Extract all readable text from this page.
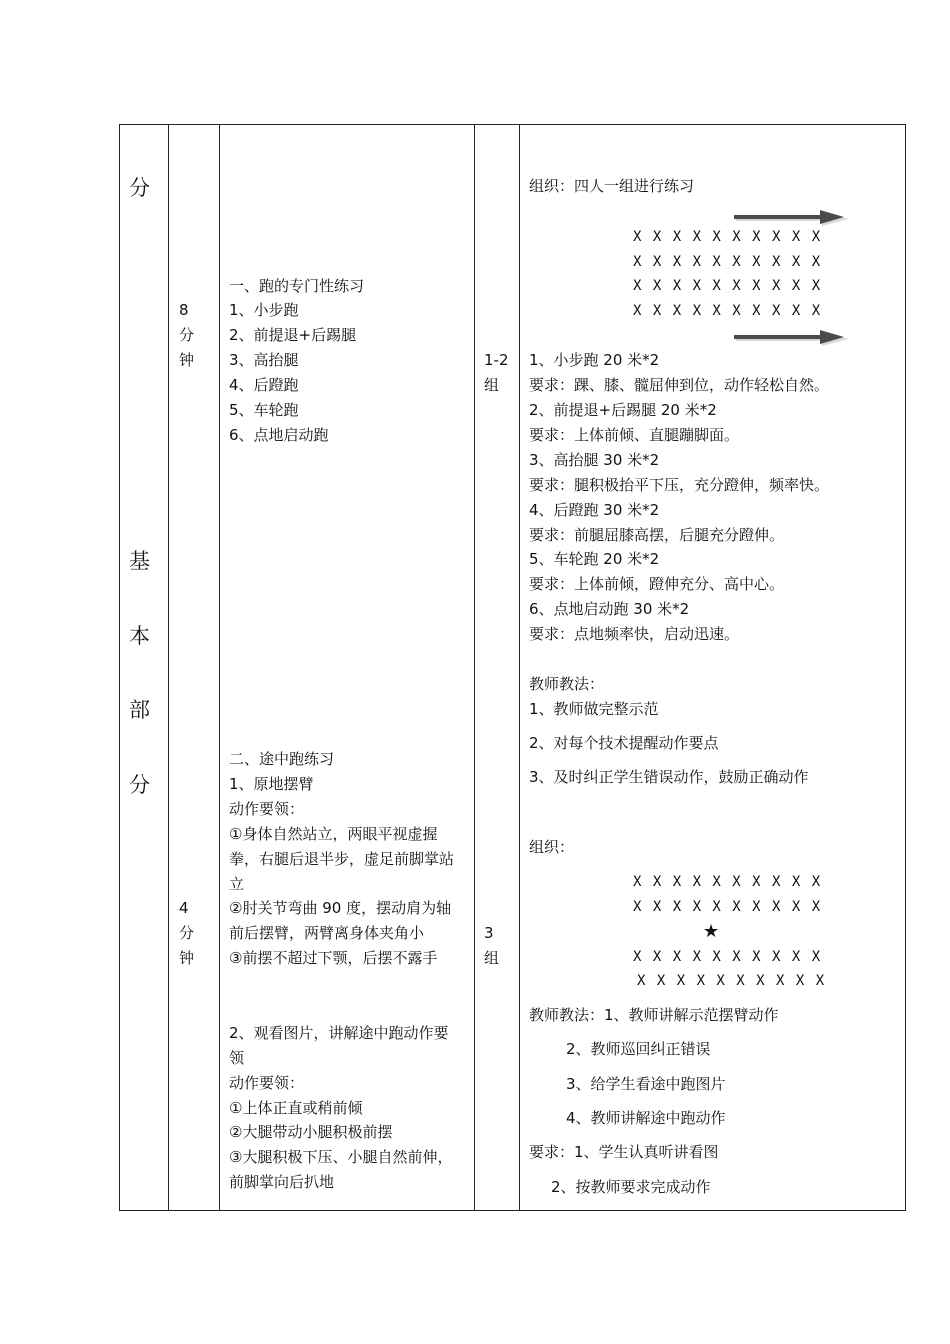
分
基
本
部
分
8
分
钟
4
分
钟
一、跑的专门性练习
1、小步跑
2、前提退+后踢腿
3、高抬腿
4、后蹬跑
5、车轮跑
6、点地启动跑
二、途中跑练习
1、原地摆臂
动作要领：
①身体自然站立，两眼平视虚握
拳，右腿后退半步，虚足前脚掌站
立
②肘关节弯曲 90 度，摆动肩为轴
前后摆臂，两臂离身体夹角小
③前摆不超过下颚，后摆不露手
2、观看图片，讲解途中跑动作要
领
动作要领：
①上体正直或稍前倾
②大腿带动小腿积极前摆
③大腿积极下压、小腿自然前伸，
前脚掌向后扒地
1-2
组
3
组
组织：四人一组进行练习
X X X X X X X X X X
X X X X X X X X X X
X X X X X X X X X X
X X X X X X X X X X
1、小步跑 20 米*2
要求：踝、膝、髋屈伸到位，动作轻松自然。
2、前提退+后踢腿 20 米*2
要求：上体前倾、直腿蹦脚面。
3、高抬腿 30 米*2
要求：腿积极抬平下压，充分蹬伸，频率快。
4、后蹬跑 30 米*2
要求：前腿屈膝高摆，后腿充分蹬伸。
5、车轮跑 20 米*2
要求：上体前倾，蹬伸充分、高中心。
6、点地启动跑 30 米*2
要求：点地频率快，启动迅速。
教师教法：
1、教师做完整示范
2、对每个技术提醒动作要点
3、及时纠正学生错误动作，鼓励正确动作
组织：
X X X X X X X X X X
X X X X X X X X X X
★
X X X X X X X X X X
X X X X X X X X X X
教师教法：1、教师讲解示范摆臂动作
2、教师巡回纠正错误
3、给学生看途中跑图片
4、教师讲解途中跑动作
要求：1、学生认真听讲看图
2、按教师要求完成动作
